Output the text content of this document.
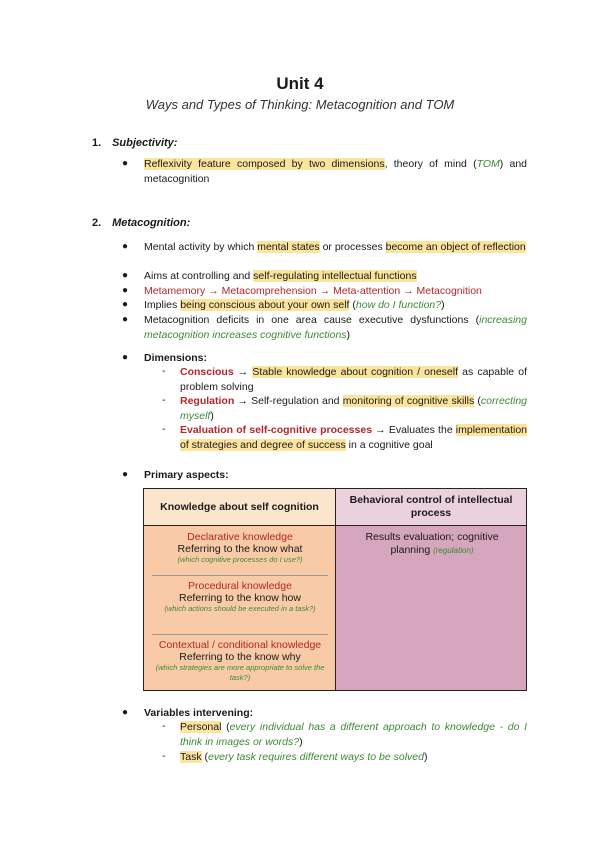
Unit 4
Ways and Types of Thinking: Metacognition and TOM
1. Subjectivity:
● Reflexivity feature composed by two dimensions, theory of mind (TOM) and metacognition
2. Metacognition:
● Mental activity by which mental states or processes become an object of reflection
● Aims at controlling and self-regulating intellectual functions
● Metamemory → Metacomprehension → Meta-attention → Metacognition
● Implies being conscious about your own self (how do I function?)
● Metacognition deficits in one area cause executive dysfunctions (increasing metacognition increases cognitive functions)
● Dimensions:
- Conscious → Stable knowledge about cognition / oneself as capable of problem solving
- Regulation → Self-regulation and monitoring of cognitive skills (correcting myself)
- Evaluation of self-cognitive processes → Evaluates the implementation of strategies and degree of success in a cognitive goal
● Primary aspects:
Knowledge about self cognition
Behavioral control of intellectual process
Declarative knowledge
Referring to the know what
(which cognitive processes do I use?)
Procedural knowledge
Referring to the know how
(which actions should be executed in a task?)
Contextual / conditional knowledge
Referring to the know why
(which strategies are more appropriate to solve the task?)
Results evaluation; cognitive planning (regulation)
● Variables intervening:
- Personal (every individual has a different approach to knowledge - do I think in images or words?)
- Task (every task requires different ways to be solved)
